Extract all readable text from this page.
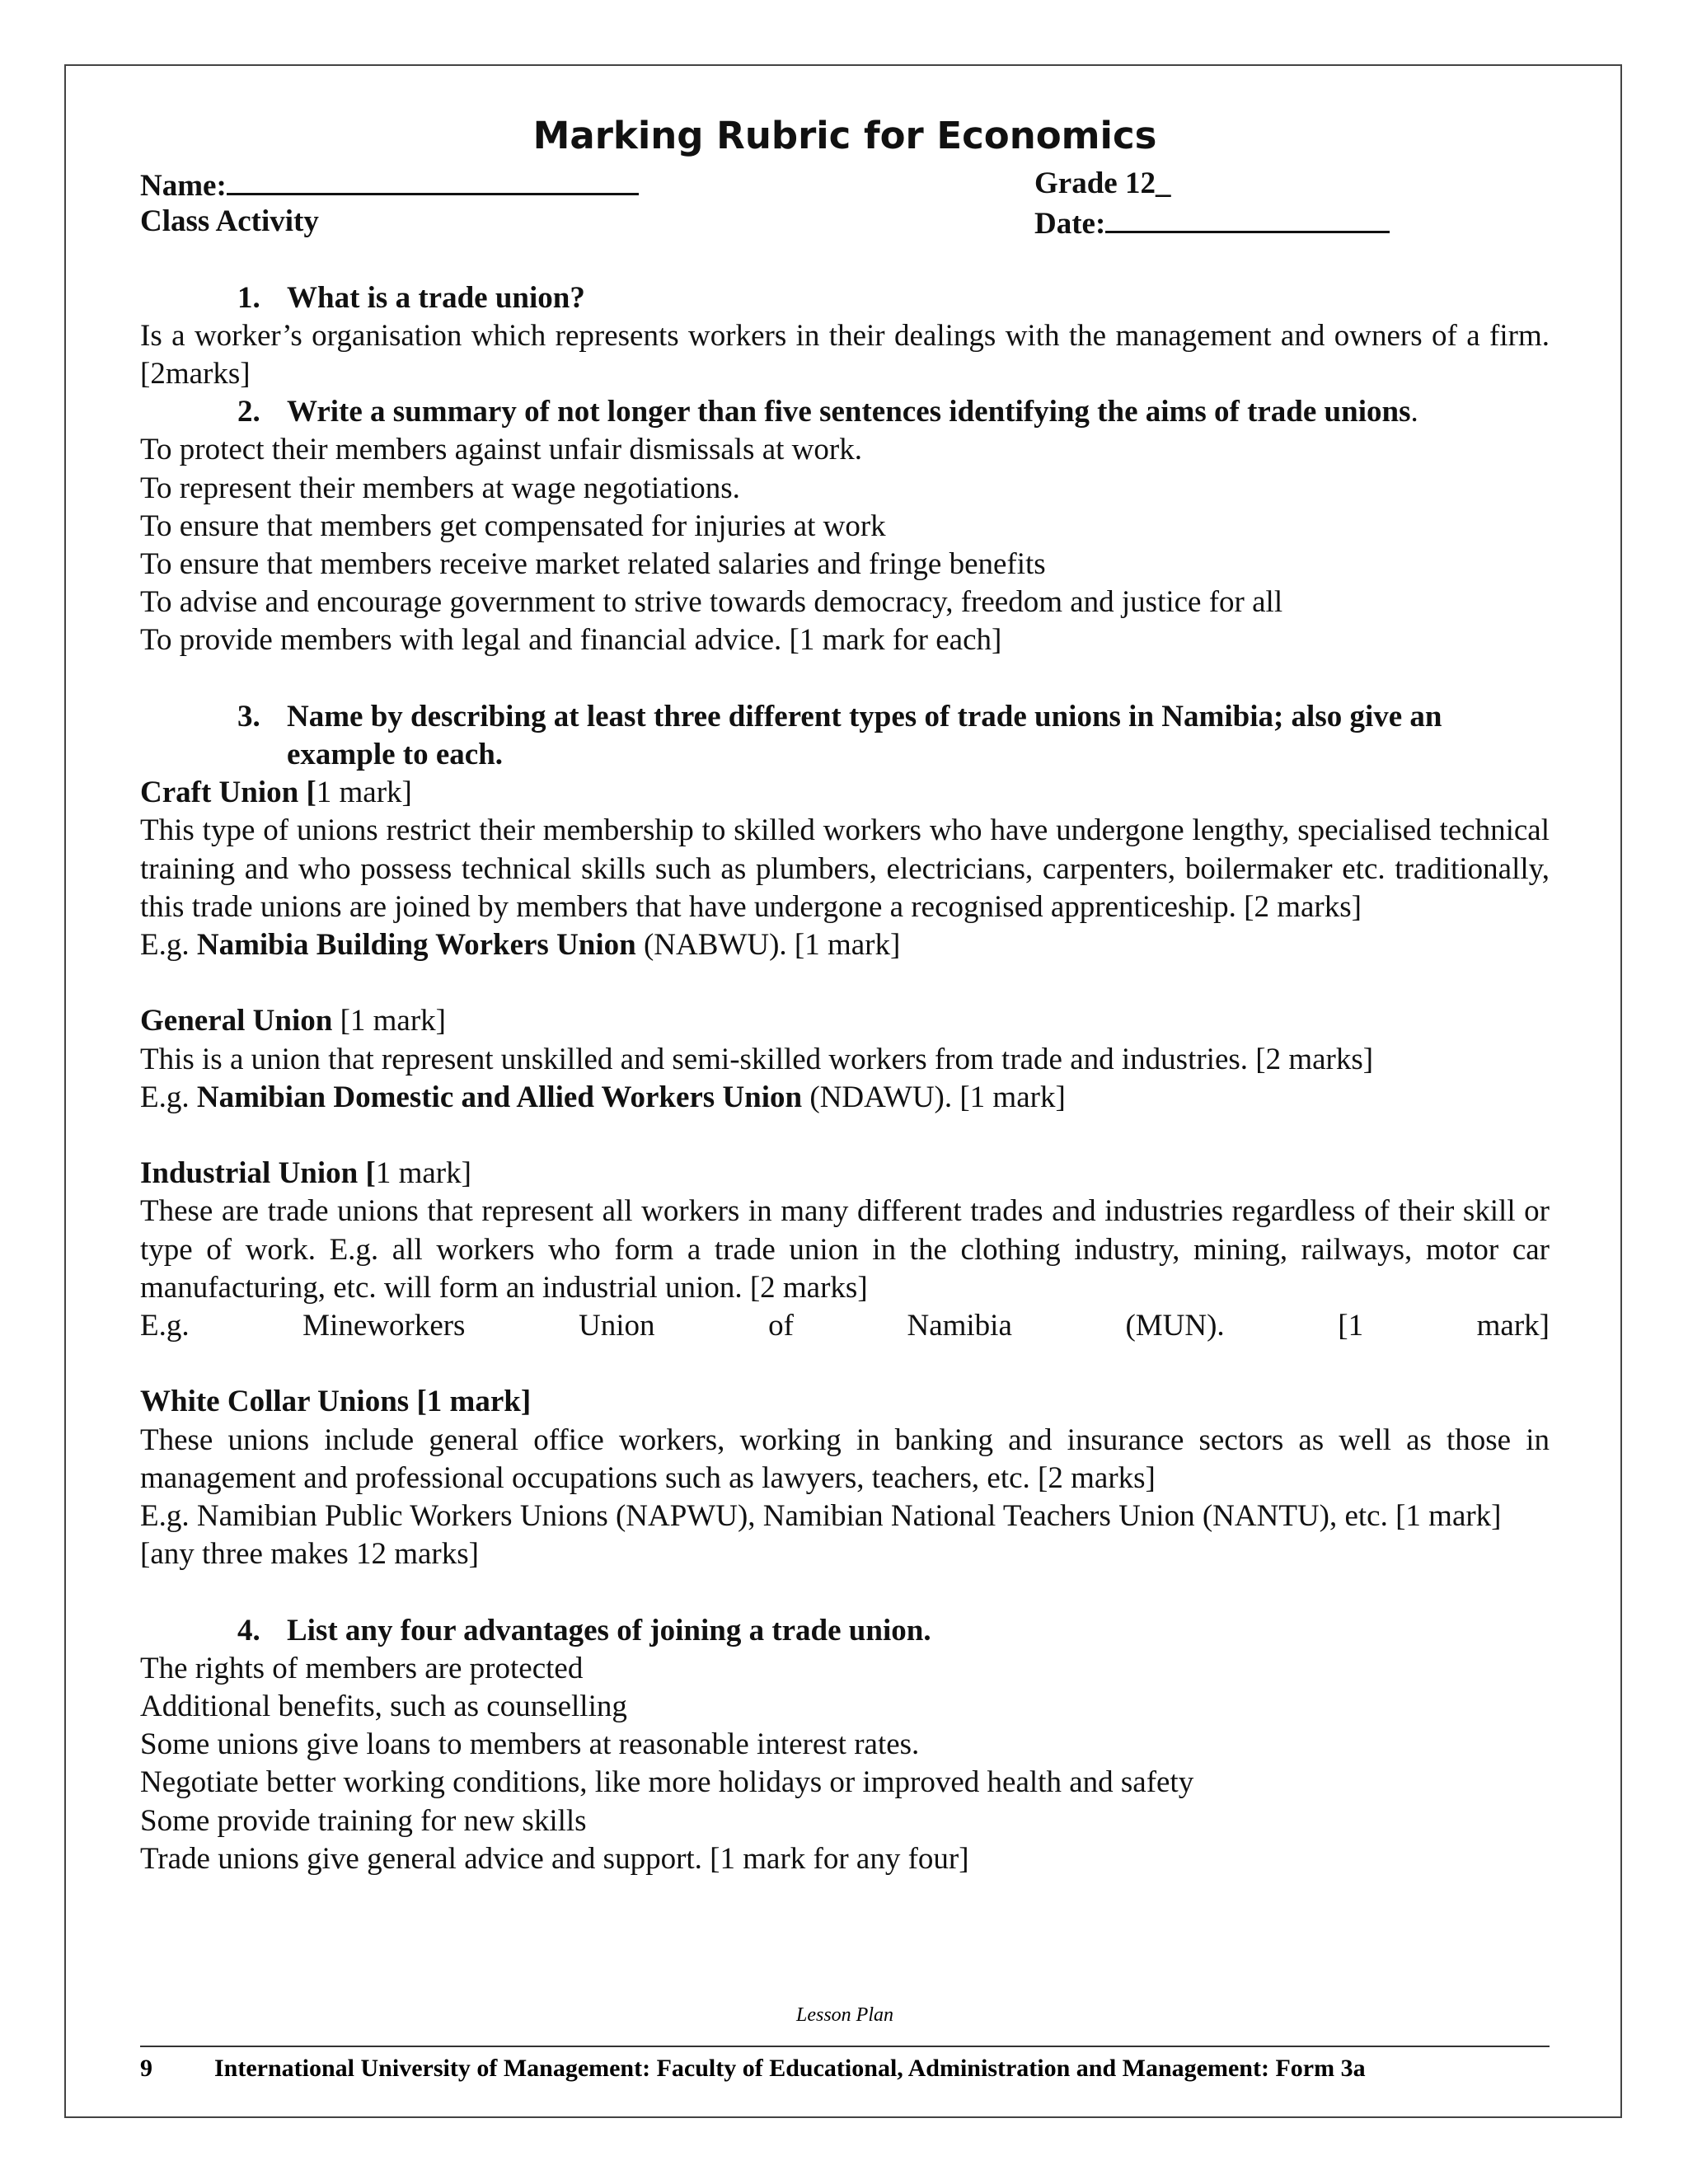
Marking Rubric for Economics
Name:	Grade 12_
Class Activity	Date:
1. What is a trade union?

Is a worker’s organisation which represents workers in their dealings with the management and owners of a firm. [2marks]

2. Write a summary of not longer than five sentences identifying the aims of trade unions.

To protect their members against unfair dismissals at work.

To represent their members at wage negotiations.

To ensure that members get compensated for injuries at work

To ensure that members receive market related salaries and fringe benefits

To advise and encourage government to strive towards democracy, freedom and justice for all

To provide members with legal and financial advice. [1 mark for each]

3. Name by describing at least three different types of trade unions in Namibia; also give an example to each.

Craft Union [1 mark]

This type of unions restrict their membership to skilled workers who have undergone lengthy, specialised technical training and who possess technical skills such as plumbers, electricians, carpenters, boilermaker etc. traditionally, this trade unions are joined by members that have undergone a recognised apprenticeship. [2 marks]

E.g. Namibia Building Workers Union (NABWU). [1 mark]

General Union [1 mark]

This is a union that represent unskilled and semi-skilled workers from trade and industries. [2 marks]

E.g. Namibian Domestic and Allied Workers Union (NDAWU). [1 mark]

Industrial Union [1 mark]

These are trade unions that represent all workers in many different trades and industries regardless of their skill or type of work. E.g. all workers who form a trade union in the clothing industry, mining, railways, motor car manufacturing, etc. will form an industrial union. [2 marks]

E.g.	Mineworkers	Union	of	Namibia	(MUN).	[1	mark]

White Collar Unions [1 mark]

These unions include general office workers, working in banking and insurance sectors as well as those in management and professional occupations such as lawyers, teachers, etc. [2 marks]

E.g. Namibian Public Workers Unions (NAPWU), Namibian National Teachers Union (NANTU), etc. [1 mark]

[any three makes 12 marks]

4. List any four advantages of joining a trade union.

The rights of members are protected

Additional benefits, such as counselling

Some unions give loans to members at reasonable interest rates.

Negotiate better working conditions, like more holidays or improved health and safety

Some provide training for new skills

Trade unions give general advice and support. [1 mark for any four]

Lesson Plan
9	International University of Management: Faculty of Educational, Administration and Management: Form 3a
